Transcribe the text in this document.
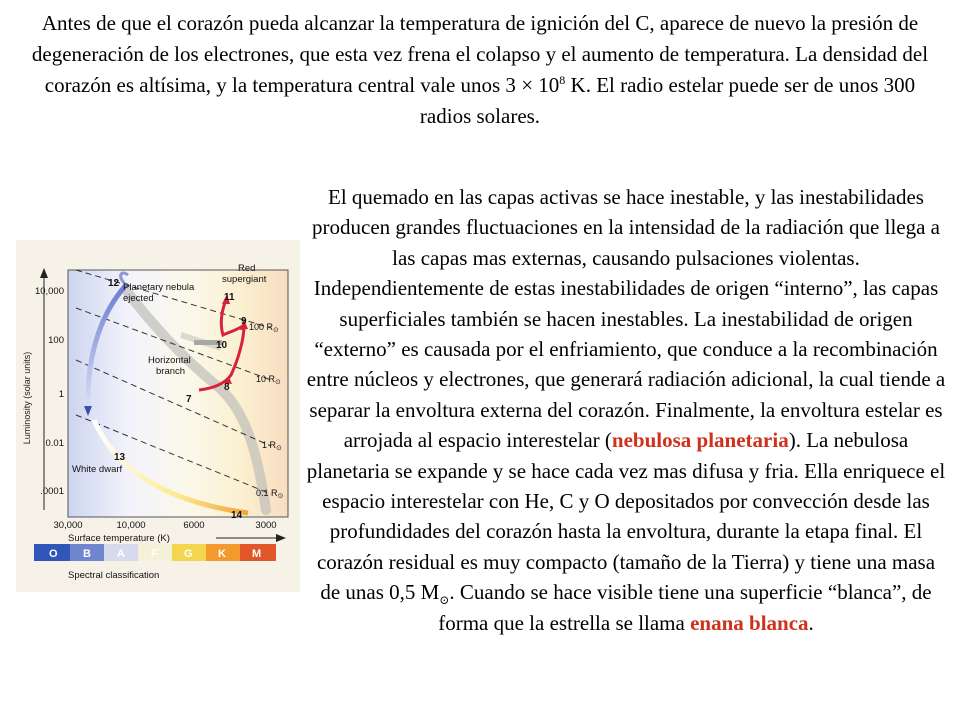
Antes de que el corazón pueda alcanzar la temperatura de ignición del C, aparece de nuevo la presión de degeneración de los electrones, que esta vez frena el colapso y el aumento de temperatura. La densidad del corazón es altísima, y la temperatura central vale unos $3 \times 10^8$ K. El radio estelar puede ser de unos 300 radios solares.
El quemado en las capas activas se hace inestable, y las inestabilidades producen grandes fluctuaciones en la intensidad de la radiación que llega a las capas mas externas, causando pulsaciones violentas. Independientemente de estas inestabilidades de origen “interno”, las capas superficiales también se hacen inestables. La inestabilidad de origen “externo” es causada por el enfriamiento, que conduce a la recombinación entre núcleos y electrones, que generará radiación adicional, la cual tiende a separar la envoltura externa del corazón. Finalmente, la envoltura estelar es arrojada al espacio interestelar (nebulosa planetaria). La nebulosa planetaria se expande y se hace cada vez mas difusa y fria. Ella enriquece el espacio interestelar con He, C y O depositados por convección desde las profundidades del corazón hasta la envoltura, durante la etapa final. El corazón residual es muy compacto (tamaño de la Tierra) y tiene una masa de unas 0,5 $M_⊙$. Cuando se hace visible tiene una superficie “blanca”, de forma que la estrella se llama enana blanca.
Luminosity (solar units)
10,000
100
1
0.01
.0001
30,000	10,000	6000	3000
Surface temperature (K)
100 $R_⊙$
10 $R_⊙$
1 $R_⊙$
0.1 $R_⊙$
Red
supergiant
Planetary nebula
ejected
Horizontal
branch
White dwarf
7
8
9
10
11
12
13
14
O B A F G K M
Spectral classification
